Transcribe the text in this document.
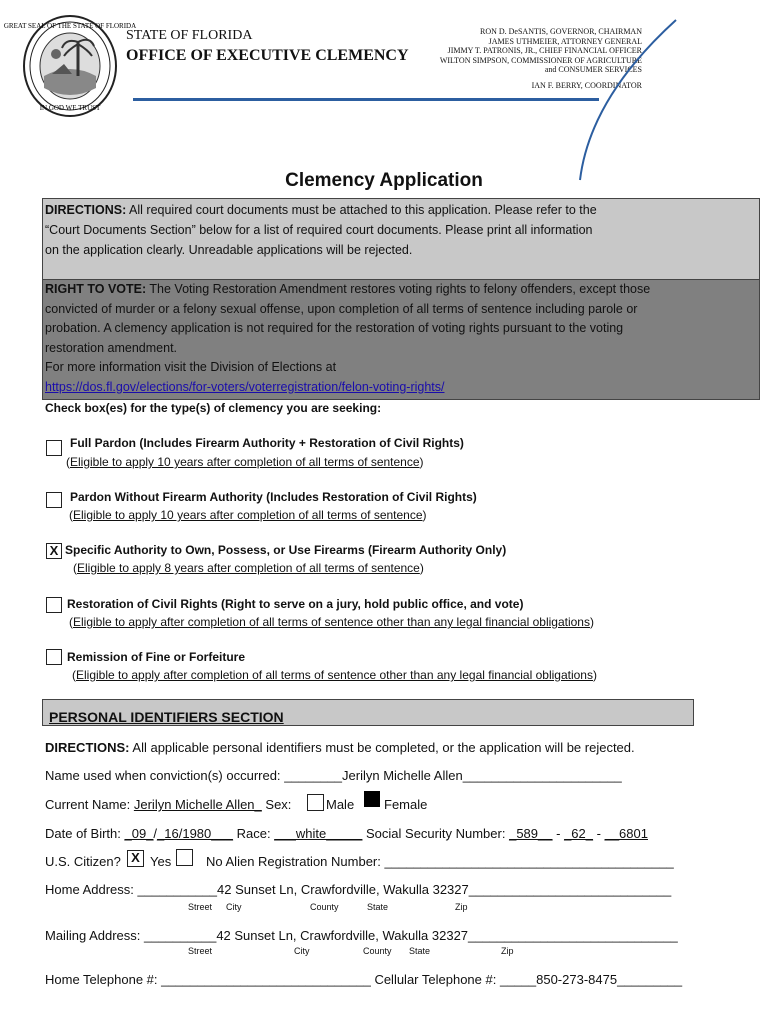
GREAT SEAL OF THE STATE OF FLORIDA
IN GOD WE TRUST
STATE OF FLORIDA
OFFICE OF EXECUTIVE CLEMENCY
RON D. DeSANTIS, GOVERNOR, CHAIRMAN
JAMES UTHMEIER, ATTORNEY GENERAL
JIMMY T. PATRONIS, JR., CHIEF FINANCIAL OFFICER
WILTON SIMPSON, COMMISSIONER OF AGRICULTURE
and CONSUMER SERVICES
IAN F. BERRY, COORDINATOR
Clemency Application
DIRECTIONS: All required court documents must be attached to this application. Please refer to the
“Court Documents Section” below for a list of required court documents. Please print all information
on the application clearly. Unreadable applications will be rejected.
RIGHT TO VOTE: The Voting Restoration Amendment restores voting rights to felony offenders, except those
convicted of murder or a felony sexual offense, upon completion of all terms of sentence including parole or
probation. A clemency application is not required for the restoration of voting rights pursuant to the voting
restoration amendment.
For more information visit the Division of Elections at
https://dos.fl.gov/elections/for-voters/voterregistration/felon-voting-rights/
Check box(es) for the type(s) of clemency you are seeking:
Full Pardon (Includes Firearm Authority + Restoration of Civil Rights)
(Eligible to apply 10 years after completion of all terms of sentence)
Pardon Without Firearm Authority (Includes Restoration of Civil Rights)
(Eligible to apply 10 years after completion of all terms of sentence)
X Specific Authority to Own, Possess, or Use Firearms (Firearm Authority Only)
(Eligible to apply 8 years after completion of all terms of sentence)
Restoration of Civil Rights (Right to serve on a jury, hold public office, and vote)
(Eligible to apply after completion of all terms of sentence other than any legal financial obligations)
Remission of Fine or Forfeiture
(Eligible to apply after completion of all terms of sentence other than any legal financial obligations)
PERSONAL IDENTIFIERS SECTION
DIRECTIONS: All applicable personal identifiers must be completed, or the application will be rejected.
Name used when conviction(s) occurred: ________Jerilyn Michelle Allen______________________
Current Name: Jerilyn Michelle Allen_ Sex:	Male Female
Date of Birth: _09_/_16/1980___ Race: ___white_____ Social Security Number: _589__ - _62_ - __6801
U.S. Citizen? X Yes	No Alien Registration Number: ________________________________________
Home Address: ___________42 Sunset Ln, Crawfordville, Wakulla 32327____________________________
Street City	County	State	Zip
Mailing Address: __________42 Sunset Ln, Crawfordville, Wakulla 32327_____________________________
Street	City	County State	Zip
Home Telephone #: _____________________________ Cellular Telephone #: _____850-273-8475_________
